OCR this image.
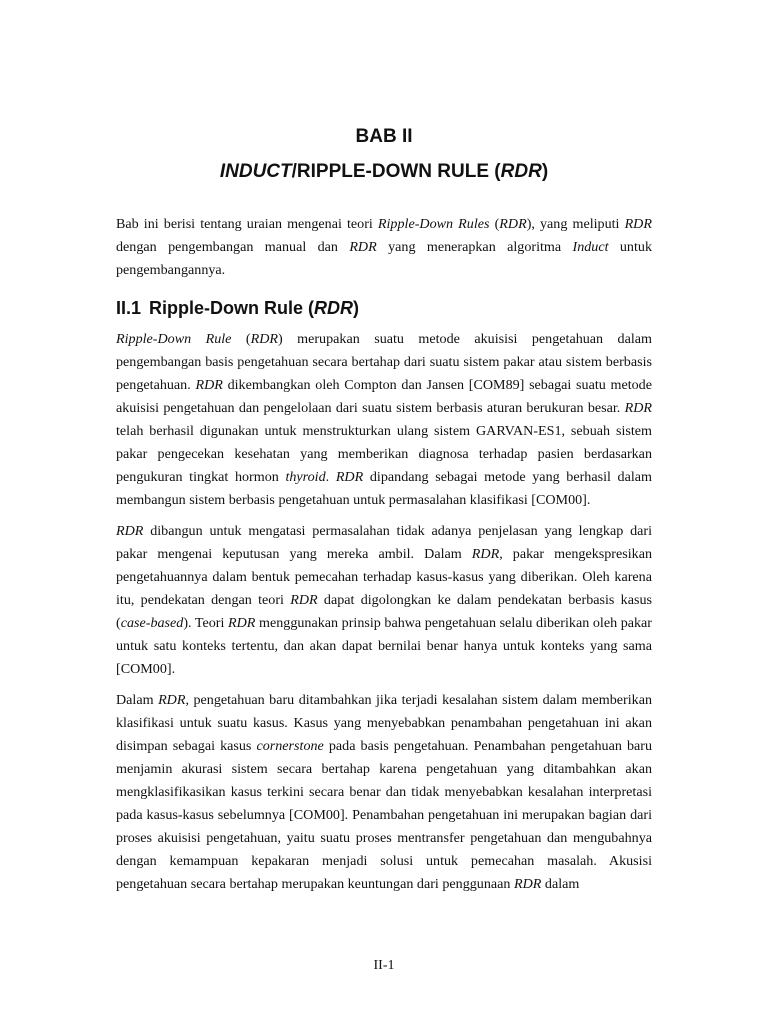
BAB II
INDUCT/RIPPLE-DOWN RULE (RDR)

Bab ini berisi tentang uraian mengenai teori Ripple-Down Rules (RDR), yang meliputi RDR dengan pengembangan manual dan RDR yang menerapkan algoritma Induct untuk pengembangannya.

II.1 Ripple-Down Rule (RDR)

Ripple-Down Rule (RDR) merupakan suatu metode akuisisi pengetahuan dalam pengembangan basis pengetahuan secara bertahap dari suatu sistem pakar atau sistem berbasis pengetahuan. RDR dikembangkan oleh Compton dan Jansen [COM89] sebagai suatu metode akuisisi pengetahuan dan pengelolaan dari suatu sistem berbasis aturan berukuran besar. RDR telah berhasil digunakan untuk menstrukturkan ulang sistem GARVAN-ES1, sebuah sistem pakar pengecekan kesehatan yang memberikan diagnosa terhadap pasien berdasarkan pengukuran tingkat hormon thyroid. RDR dipandang sebagai metode yang berhasil dalam membangun sistem berbasis pengetahuan untuk permasalahan klasifikasi [COM00].

RDR dibangun untuk mengatasi permasalahan tidak adanya penjelasan yang lengkap dari pakar mengenai keputusan yang mereka ambil. Dalam RDR, pakar mengekspresikan pengetahuannya dalam bentuk pemecahan terhadap kasus-kasus yang diberikan. Oleh karena itu, pendekatan dengan teori RDR dapat digolongkan ke dalam pendekatan berbasis kasus (case-based). Teori RDR menggunakan prinsip bahwa pengetahuan selalu diberikan oleh pakar untuk satu konteks tertentu, dan akan dapat bernilai benar hanya untuk konteks yang sama [COM00].

Dalam RDR, pengetahuan baru ditambahkan jika terjadi kesalahan sistem dalam memberikan klasifikasi untuk suatu kasus. Kasus yang menyebabkan penambahan pengetahuan ini akan disimpan sebagai kasus cornerstone pada basis pengetahuan. Penambahan pengetahuan baru menjamin akurasi sistem secara bertahap karena pengetahuan yang ditambahkan akan mengklasifikasikan kasus terkini secara benar dan tidak menyebabkan kesalahan interpretasi pada kasus-kasus sebelumnya [COM00]. Penambahan pengetahuan ini merupakan bagian dari proses akuisisi pengetahuan, yaitu suatu proses mentransfer pengetahuan dan mengubahnya dengan kemampuan kepakaran menjadi solusi untuk pemecahan masalah. Akusisi pengetahuan secara bertahap merupakan keuntungan dari penggunaan RDR dalam

II-1
